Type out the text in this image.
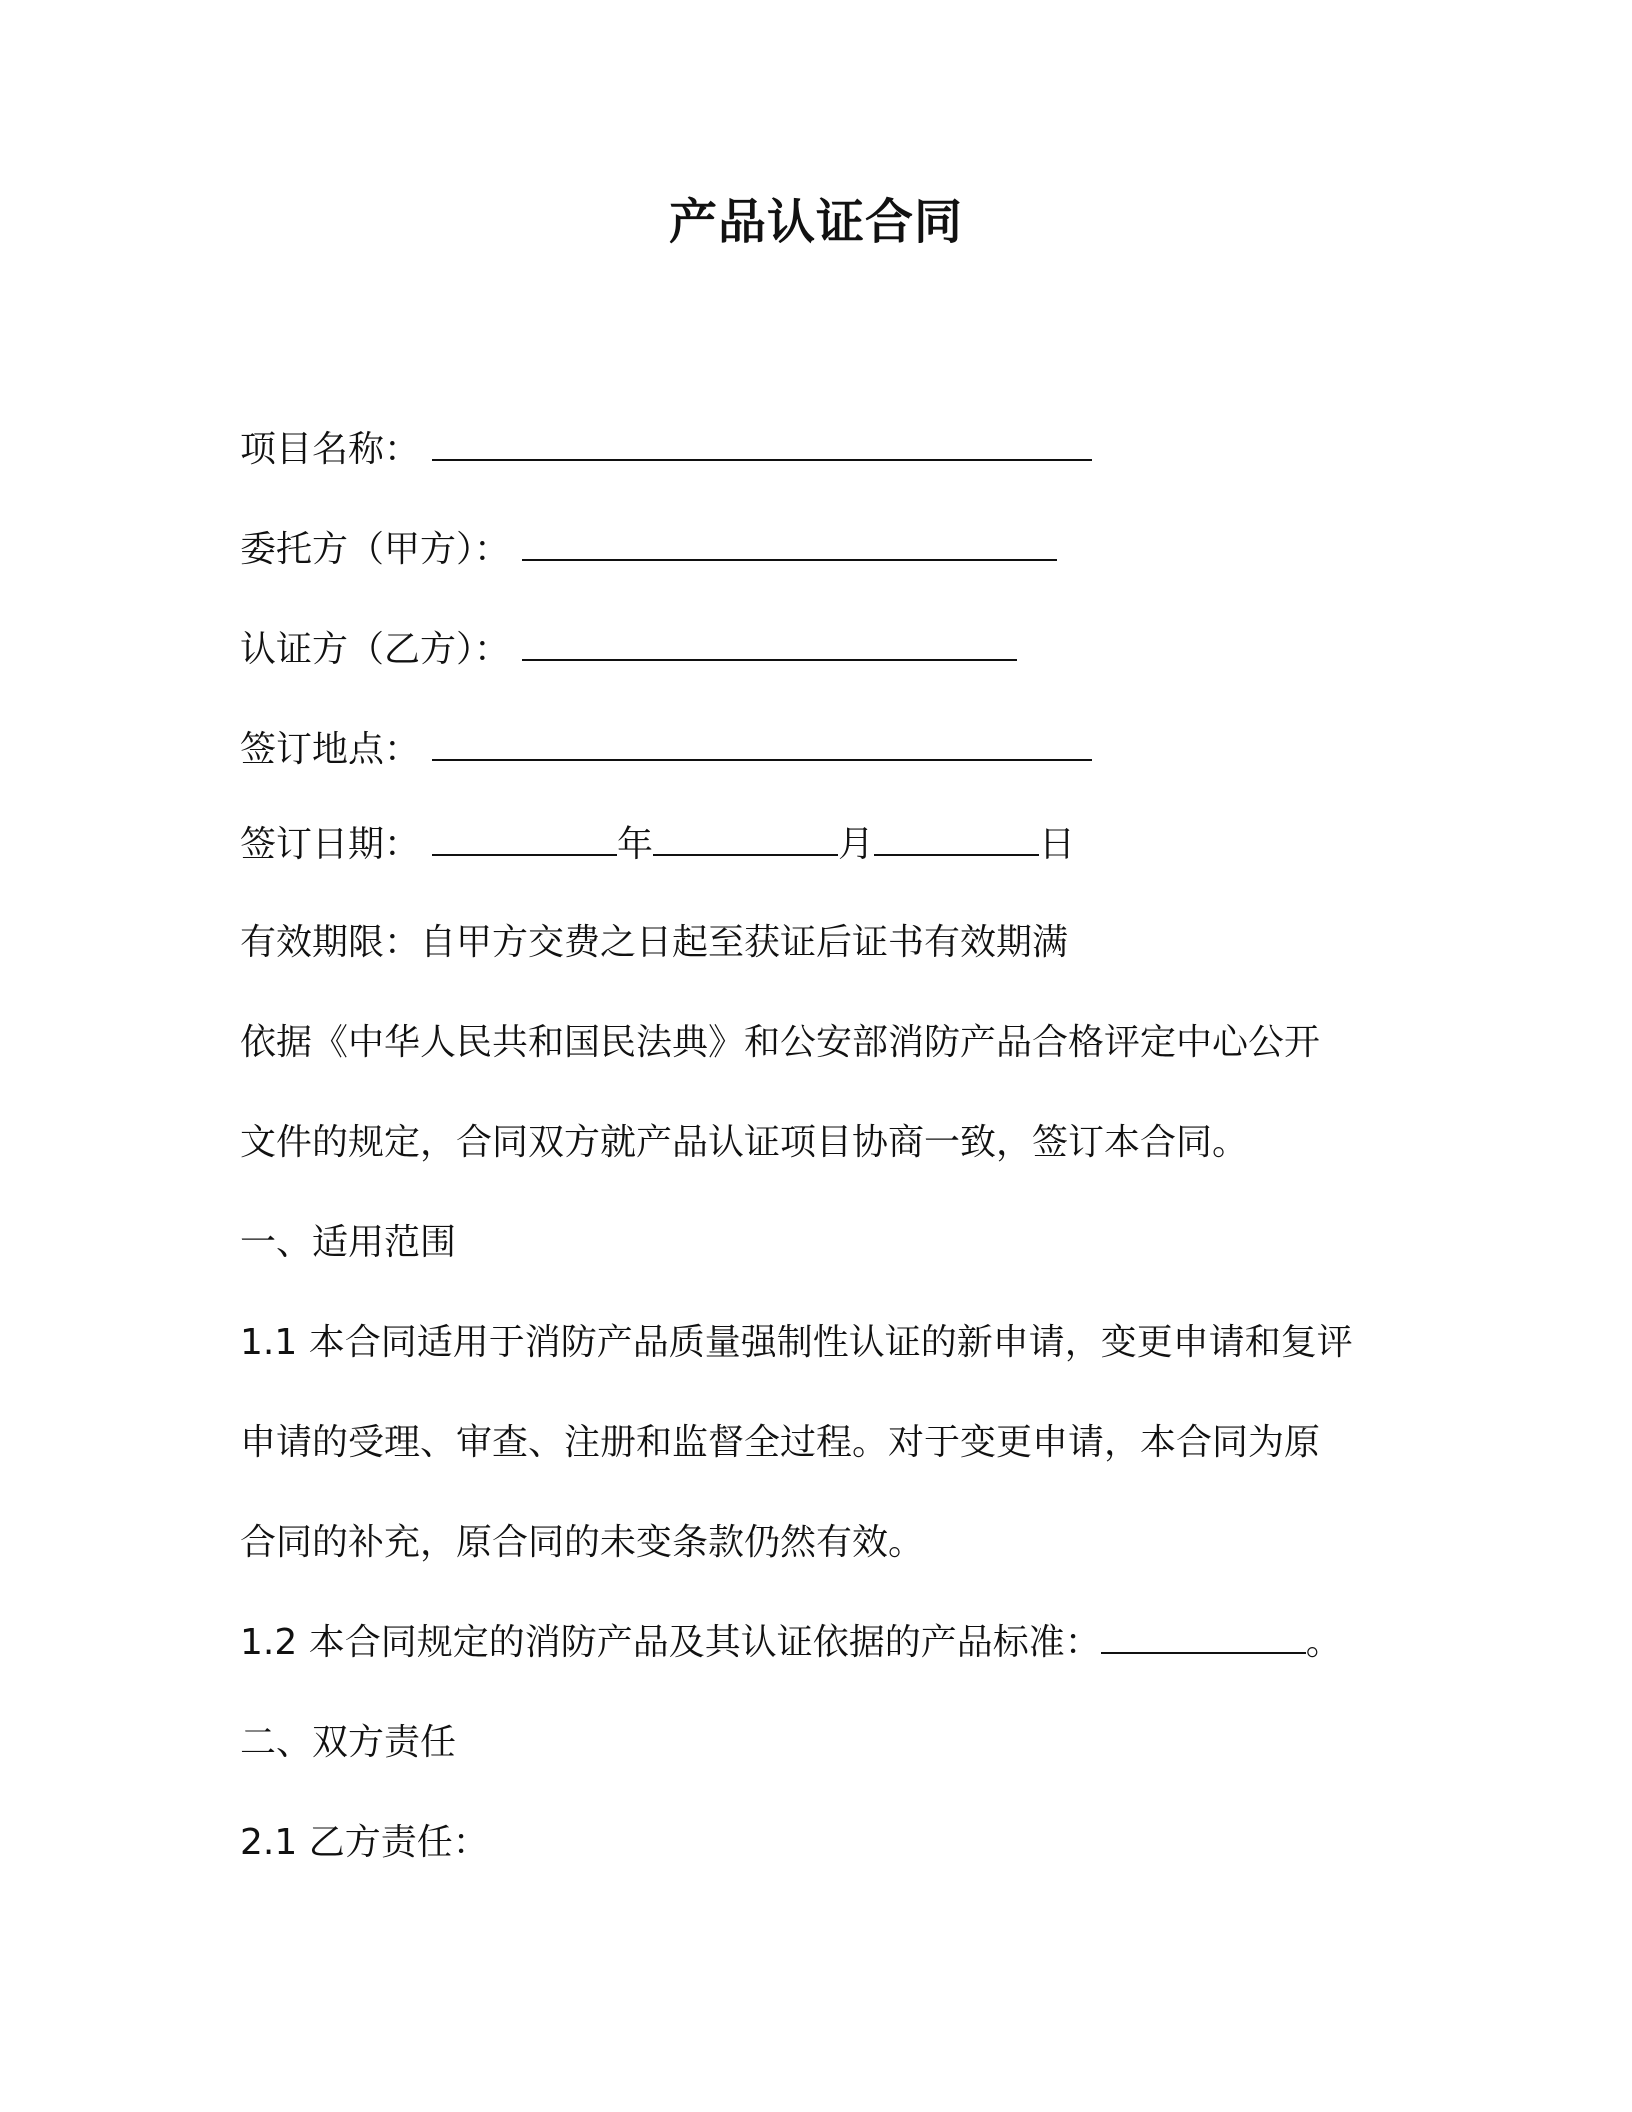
产品认证合同
项目名称：
委托方（甲方）：
认证方（乙方）：
签订地点：
签订日期：	年	月	日
有效期限：自甲方交费之日起至获证后证书有效期满
依据《中华人民共和国民法典》和公安部消防产品合格评定中心公开
文件的规定，合同双方就产品认证项目协商一致，签订本合同。
一、适用范围
1.1 本合同适用于消防产品质量强制性认证的新申请，变更申请和复评
申请的受理、审查、注册和监督全过程。对于变更申请，本合同为原
合同的补充，原合同的未变条款仍然有效。
1.2 本合同规定的消防产品及其认证依据的产品标准：	。
二、双方责任
2.1 乙方责任：
